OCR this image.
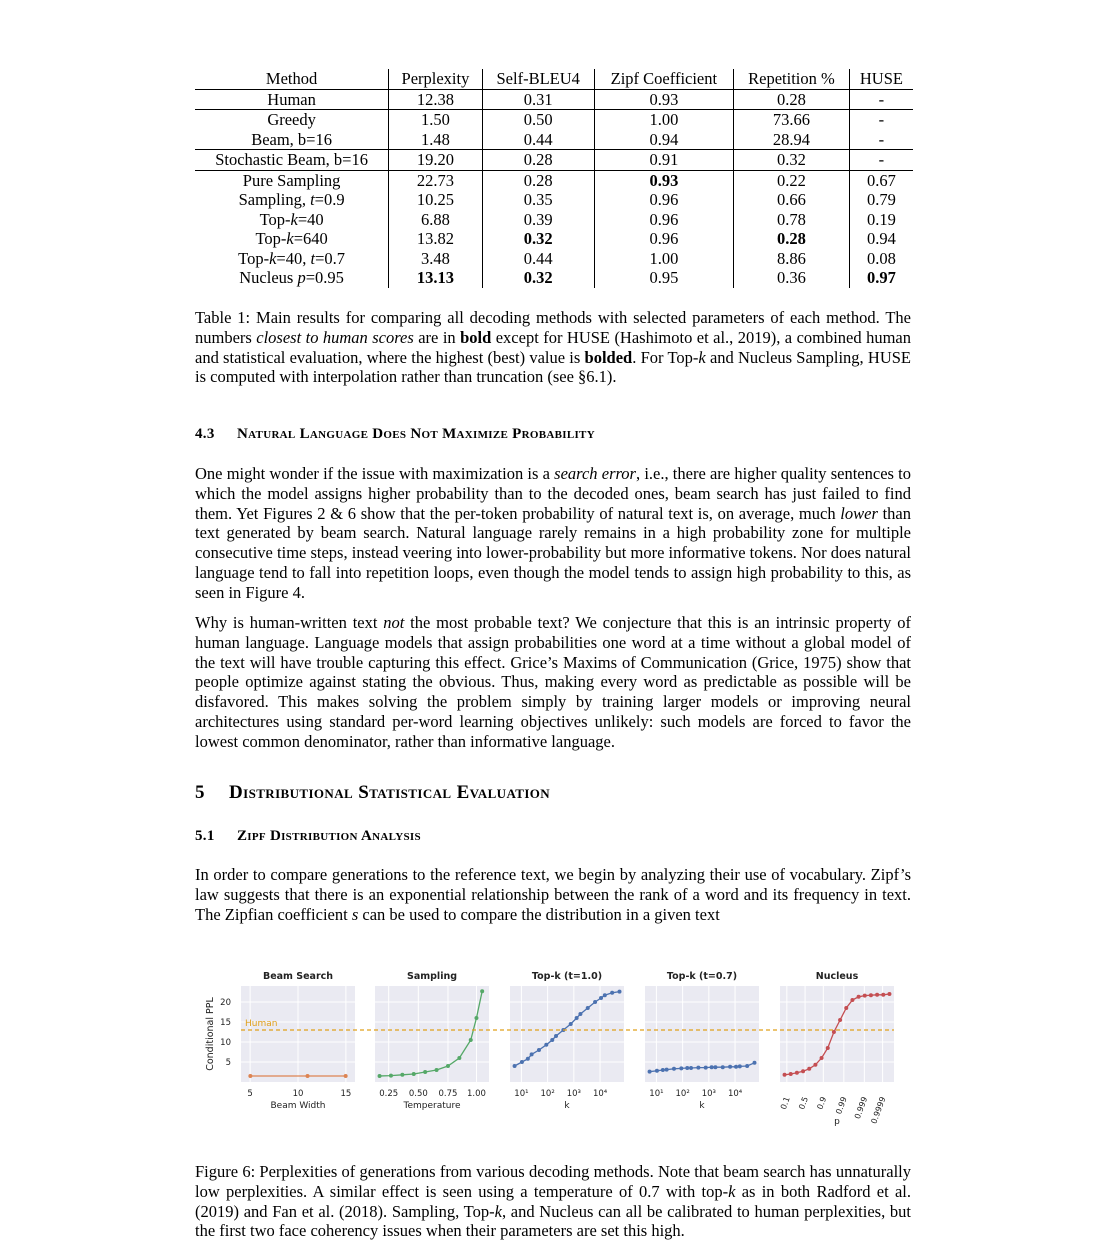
Method	Perplexity	Self-BLEU4	Zipf Coefficient	Repetition %	HUSE
Human	12.38	0.31	0.93	0.28	-
Greedy	1.50	0.50	1.00	73.66	-
Beam, b=16	1.48	0.44	0.94	28.94	-
Stochastic Beam, b=16	19.20	0.28	0.91	0.32	-
Pure Sampling	22.73	0.28	0.93	0.22	0.67
Sampling, t=0.9	10.25	0.35	0.96	0.66	0.79
Top-k=40	6.88	0.39	0.96	0.78	0.19
Top-k=640	13.82	0.32	0.96	0.28	0.94
Top-k=40, t=0.7	3.48	0.44	1.00	8.86	0.08
Nucleus p=0.95	13.13	0.32	0.95	0.36	0.97

Table 1: Main results for comparing all decoding methods with selected parameters of each method. The numbers closest to human scores are in bold except for HUSE (Hashimoto et al., 2019), a combined human and statistical evaluation, where the highest (best) value is bolded. For Top-k and Nucleus Sampling, HUSE is computed with interpolation rather than truncation (see §6.1).

4.3 Natural Language Does Not Maximize Probability

One might wonder if the issue with maximization is a search error, i.e., there are higher quality sentences to which the model assigns higher probability than to the decoded ones, beam search has just failed to find them. Yet Figures 2 & 6 show that the per-token probability of natural text is, on average, much lower than text generated by beam search. Natural language rarely remains in a high probability zone for multiple consecutive time steps, instead veering into lower-probability but more informative tokens. Nor does natural language tend to fall into repetition loops, even though the model tends to assign high probability to this, as seen in Figure 4.

Why is human-written text not the most probable text? We conjecture that this is an intrinsic property of human language. Language models that assign probabilities one word at a time without a global model of the text will have trouble capturing this effect. Grice’s Maxims of Communication (Grice, 1975) show that people optimize against stating the obvious. Thus, making every word as predictable as possible will be disfavored. This makes solving the problem simply by training larger models or improving neural architectures using standard per-word learning objectives unlikely: such models are forced to favor the lowest common denominator, rather than informative language.

5 Distributional Statistical Evaluation
5.1 Zipf Distribution Analysis

In order to compare generations to the reference text, we begin by analyzing their use of vocabulary. Zipf’s law suggests that there is an exponential relationship between the rank of a word and its frequency in text. The Zipfian coefficient s can be used to compare the distribution in a given text

Conditional PPL 20
15
10
5
Beam Search
5	10	15
Beam Width
Sampling
0.25 0.50 0.75 1.00
Temperature
Top-k (t=1.0)
10¹ 10² 10³ 10⁴
k
Top-k (t=0.7)
10¹ 10² 10³ 10⁴
k
Nucleus
0.1 0.5 0.9 0.99 0.999 0.9999
p
Human

Figure 6: Perplexities of generations from various decoding methods. Note that beam search has unnaturally low perplexities. A similar effect is seen using a temperature of 0.7 with top-k as in both Radford et al. (2019) and Fan et al. (2018). Sampling, Top-k, and Nucleus can all be calibrated to human perplexities, but the first two face coherency issues when their parameters are set this high.
